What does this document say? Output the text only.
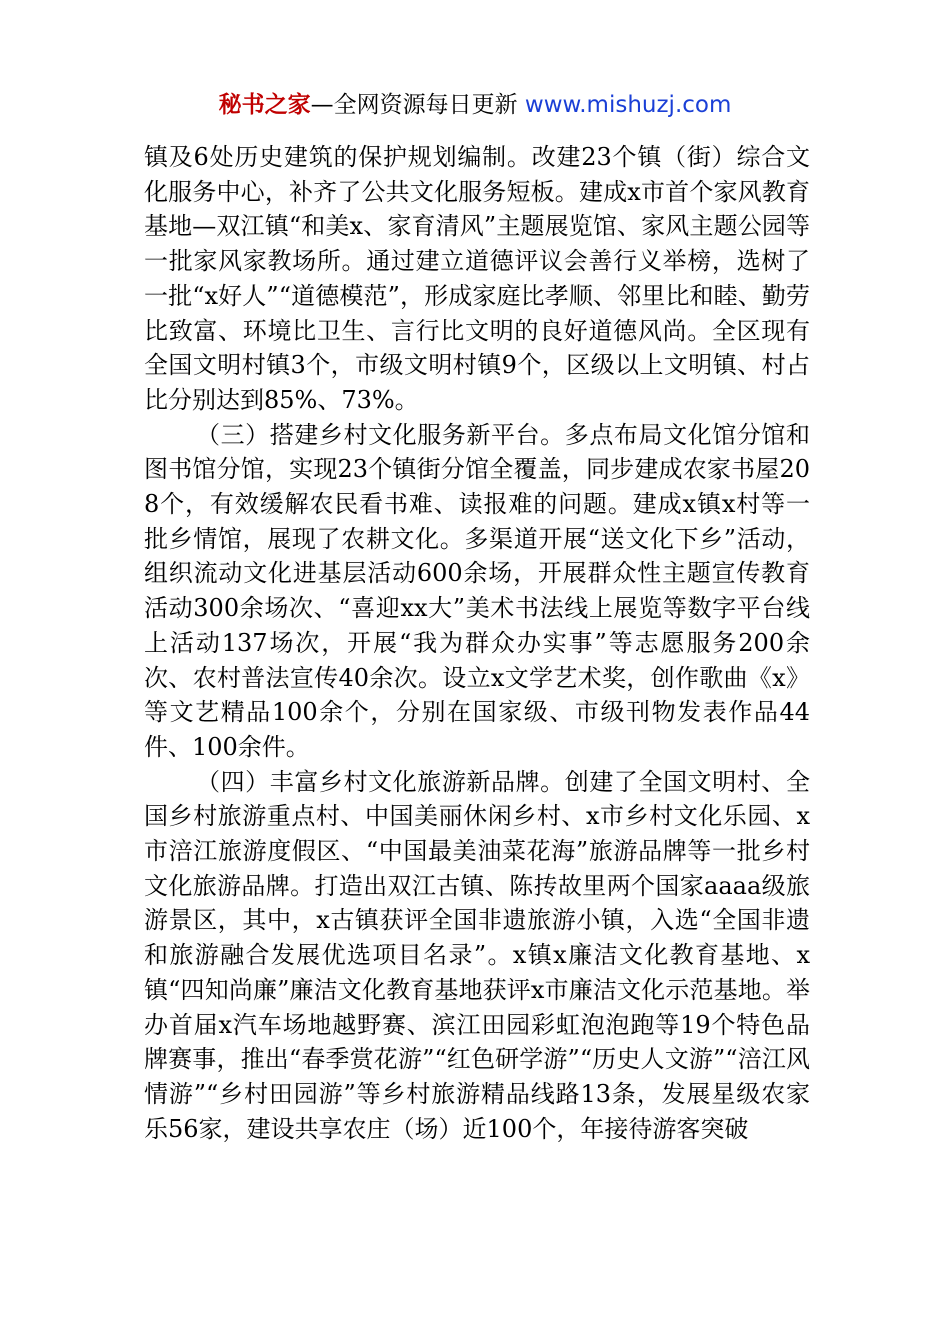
秘书之家—全网资源每日更新 www.mishuzj.com

镇及6处历史建筑的保护规划编制。改建23个镇（街）综合文化服务中心，补齐了公共文化服务短板。建成x市首个家风教育基地—双江镇“和美x、家育清风”主题展览馆、家风主题公园等一批家风家教场所。通过建立道德评议会善行义举榜，选树了一批“x好人”“道德模范”，形成家庭比孝顺、邻里比和睦、勤劳比致富、环境比卫生、言行比文明的良好道德风尚。全区现有全国文明村镇3个，市级文明村镇9个，区级以上文明镇、村占比分别达到85%、73%。

（三）搭建乡村文化服务新平台。多点布局文化馆分馆和图书馆分馆，实现23个镇街分馆全覆盖，同步建成农家书屋208个，有效缓解农民看书难、读报难的问题。建成x镇x村等一批乡情馆，展现了农耕文化。多渠道开展“送文化下乡”活动，组织流动文化进基层活动600余场，开展群众性主题宣传教育活动300余场次、“喜迎xx大”美术书法线上展览等数字平台线上活动137场次，开展“我为群众办实事”等志愿服务200余次、农村普法宣传40余次。设立x文学艺术奖，创作歌曲《x》等文艺精品100余个，分别在国家级、市级刊物发表作品44件、100余件。

（四）丰富乡村文化旅游新品牌。创建了全国文明村、全国乡村旅游重点村、中国美丽休闲乡村、x市乡村文化乐园、x市涪江旅游度假区、“中国最美油菜花海”旅游品牌等一批乡村文化旅游品牌。打造出双江古镇、陈抟故里两个国家aaaa级旅游景区，其中，x古镇获评全国非遗旅游小镇，入选“全国非遗和旅游融合发展优选项目名录”。x镇x廉洁文化教育基地、x镇“四知尚廉”廉洁文化教育基地获评x市廉洁文化示范基地。举办首届x汽车场地越野赛、滨江田园彩虹泡泡跑等19个特色品牌赛事，推出“春季赏花游”“红色研学游”“历史人文游”“涪江风情游”“乡村田园游”等乡村旅游精品线路13条，发展星级农家乐56家，建设共享农庄（场）近100个，年接待游客突破
